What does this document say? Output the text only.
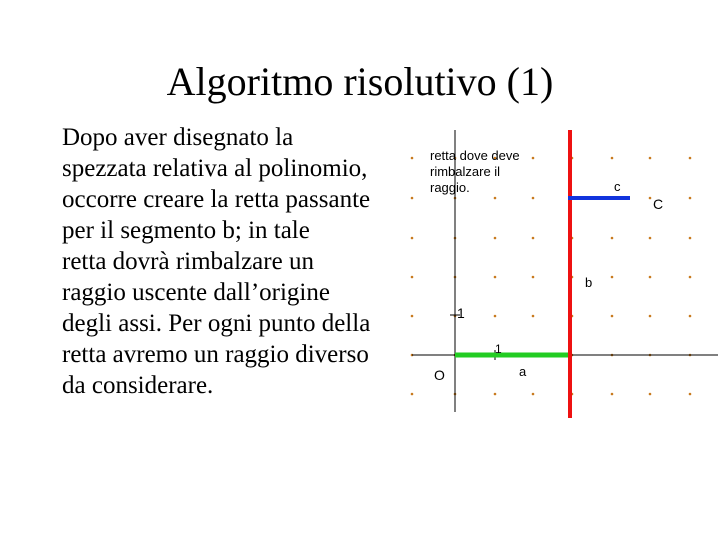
Algoritmo risolutivo (1)
Dopo aver disegnato la
spezzata relativa al polinomio,
occorre creare la retta passante
per il segmento b; in tale
retta dovrà rimbalzare un
raggio uscente dall’origine
degli assi. Per ogni punto della
retta avremo un raggio diverso
da considerare.
retta dove deve
rimbalzare il
raggio.
O
1
1
a
b
c
C
